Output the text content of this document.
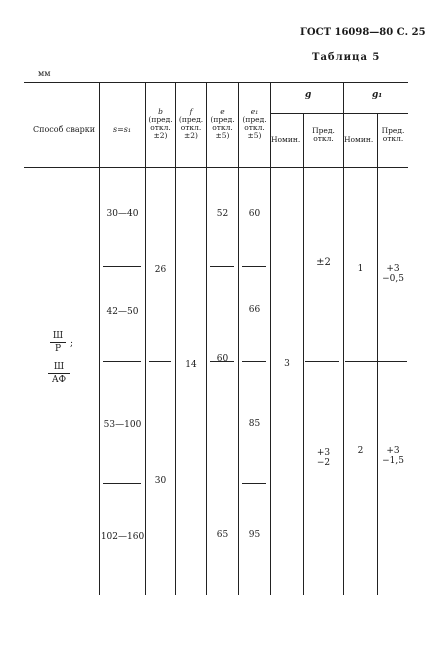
ГОСТ 16098—80 С. 25
Таблица 5
мм
Способ сварки s=s₁
b
(пред.
откл.
±2)
f
(пред.
откл.
±2)
e
(пред.
откл.
±5)
e₁
(пред.
откл.
±5)
g	g₁
Номин.
Пред.
откл.	Номин.
Пред.
откл.
Ш
Р ;
Ш
АФ
30—40
42—50
53—100
102—160
26
30
14
52
60
65
60
66
85
95
3
±2
+3
−2
1
2
+3
−0,5
+3
−1,5
